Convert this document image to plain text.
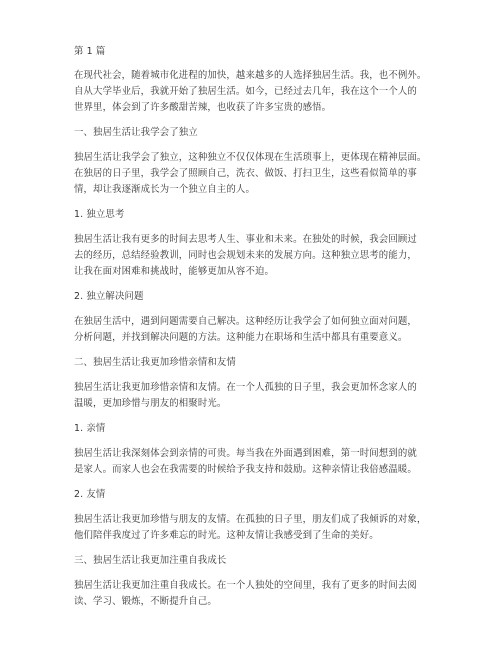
第 1 篇
在现代社会，随着城市化进程的加快，越来越多的人选择独居生活。我，也不例外。
自从大学毕业后，我就开始了独居生活。如今，已经过去几年，我在这个一个人的
世界里，体会到了许多酸甜苦辣，也收获了许多宝贵的感悟。
一、独居生活让我学会了独立
独居生活让我学会了独立，这种独立不仅仅体现在生活琐事上，更体现在精神层面。
在独居的日子里，我学会了照顾自己，洗衣、做饭、打扫卫生，这些看似简单的事
情，却让我逐渐成长为一个独立自主的人。
1. 独立思考
独居生活让我有更多的时间去思考人生、事业和未来。在独处的时候，我会回顾过
去的经历，总结经验教训，同时也会规划未来的发展方向。这种独立思考的能力，
让我在面对困难和挑战时，能够更加从容不迫。
2. 独立解决问题
在独居生活中，遇到问题需要自己解决。这种经历让我学会了如何独立面对问题，
分析问题，并找到解决问题的方法。这种能力在职场和生活中都具有重要意义。
二、独居生活让我更加珍惜亲情和友情
独居生活让我更加珍惜亲情和友情。在一个人孤独的日子里，我会更加怀念家人的
温暖，更加珍惜与朋友的相聚时光。
1. 亲情
独居生活让我深刻体会到亲情的可贵。每当我在外面遇到困难，第一时间想到的就
是家人。而家人也会在我需要的时候给予我支持和鼓励。这种亲情让我倍感温暖。
2. 友情
独居生活让我更加珍惜与朋友的友情。在孤独的日子里，朋友们成了我倾诉的对象，
他们陪伴我度过了许多难忘的时光。这种友情让我感受到了生命的美好。
三、独居生活让我更加注重自我成长
独居生活让我更加注重自我成长。在一个人独处的空间里，我有了更多的时间去阅
读、学习、锻炼，不断提升自己。
